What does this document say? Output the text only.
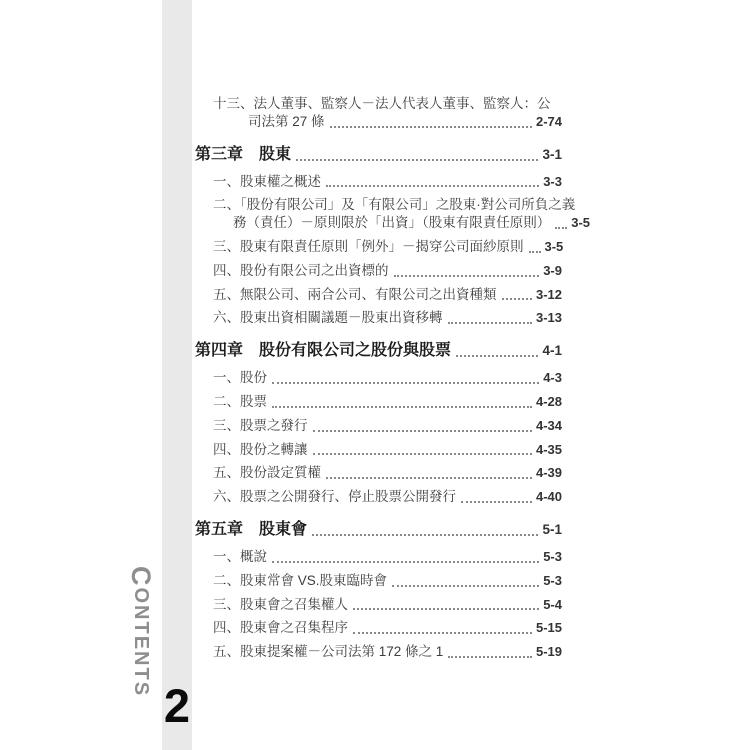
CONTENTS
2
十三、法人董事、監察人－法人代表人董事、監察人：公
司法第 27 條	2-74
第三章　股東	3-1
一、股東權之概述	3-3
二、「股份有限公司」及「有限公司」之股東·對公司所負之義
務（責任）－原則限於「出資」（股東有限責任原則） 3-5
三、股東有限責任原則「例外」－揭穿公司面紗原則 3-5
四、股份有限公司之出資標的	3-9
五、無限公司、兩合公司、有限公司之出資種類	3-12
六、股東出資相關議題－股東出資移轉	3-13
第四章　股份有限公司之股份與股票	4-1
一、股份	4-3
二、股票	4-28
三、股票之發行	4-34
四、股份之轉讓	4-35
五、股份設定質權	4-39
六、股票之公開發行、停止股票公開發行	4-40
第五章　股東會	5-1
一、概說	5-3
二、股東常會 VS.股東臨時會	5-3
三、股東會之召集權人	5-4
四、股東會之召集程序	5-15
五、股東提案權－公司法第 172 條之 1	5-19
